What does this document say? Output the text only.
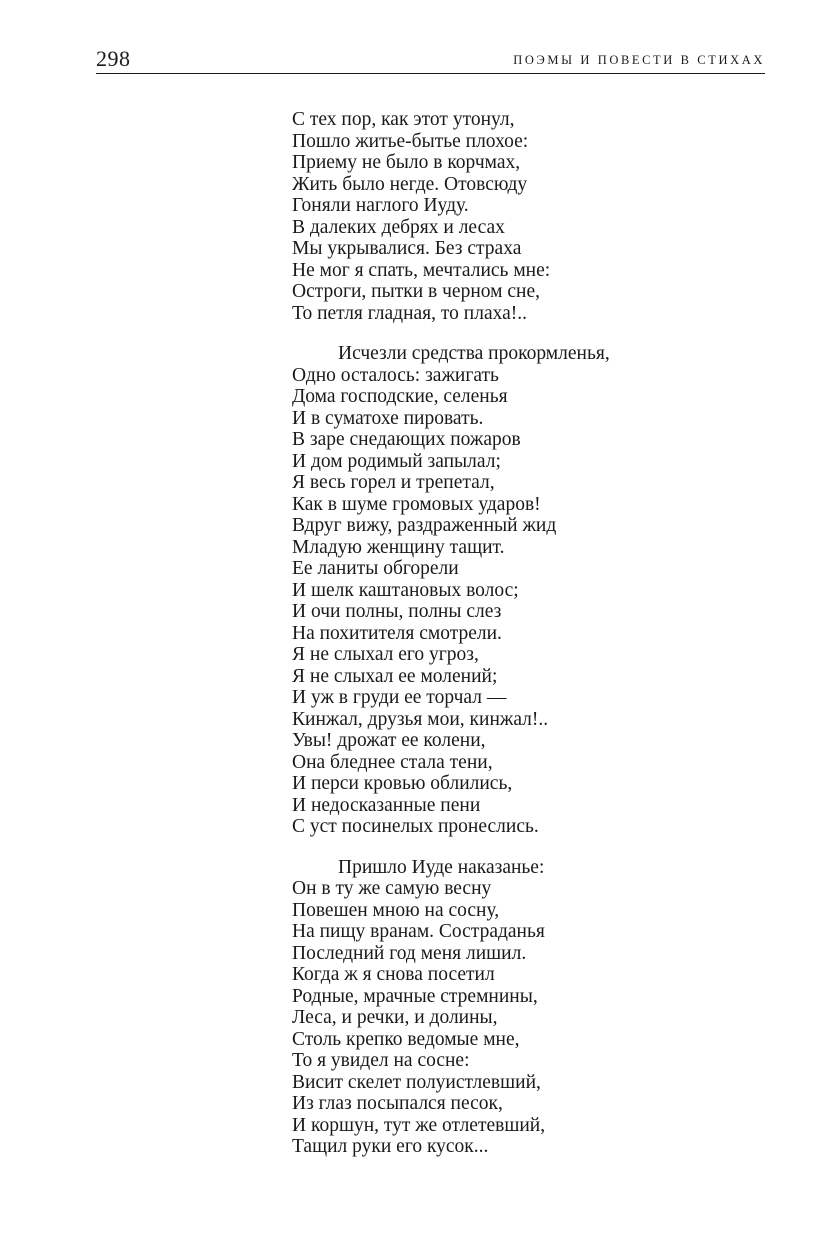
298	ПОЭМЫ И ПОВЕСТИ В СТИХАХ
С тех пор, как этот утонул,
Пошло житье-бытье плохое:
Приему не было в корчмах,
Жить было негде. Отовсюду
Гоняли наглого Иуду.
В далеких дебрях и лесах
Мы укрывалися. Без страха
Не мог я спать, мечтались мне:
Остроги, пытки в черном сне,
То петля гладная, то плаха!..
Исчезли средства прокормленья,
Одно осталось: зажигать
Дома господские, селенья
И в суматохе пировать.
В заре снедающих пожаров
И дом родимый запылал;
Я весь горел и трепетал,
Как в шуме громовых ударов!
Вдруг вижу, раздраженный жид
Младую женщину тащит.
Ее ланиты обгорели
И шелк каштановых волос;
И очи полны, полны слез
На похитителя смотрели.
Я не слыхал его угроз,
Я не слыхал ее молений;
И уж в груди ее торчал —
Кинжал, друзья мои, кинжал!..
Увы! дрожат ее колени,
Она бледнее стала тени,
И перси кровью облились,
И недосказанные пени
С уст посинелых пронеслись.
Пришло Иуде наказанье:
Он в ту же самую весну
Повешен мною на сосну,
На пищу вранам. Сострaданья
Последний год меня лишил.
Когда ж я снова посетил
Родные, мрачные стремнины,
Леса, и речки, и долины,
Столь крепко ведомые мне,
То я увидел на сосне:
Висит скелет полуистлевший,
Из глаз посыпался песок,
И коршун, тут же отлетевший,
Тащил руки его кусок...
